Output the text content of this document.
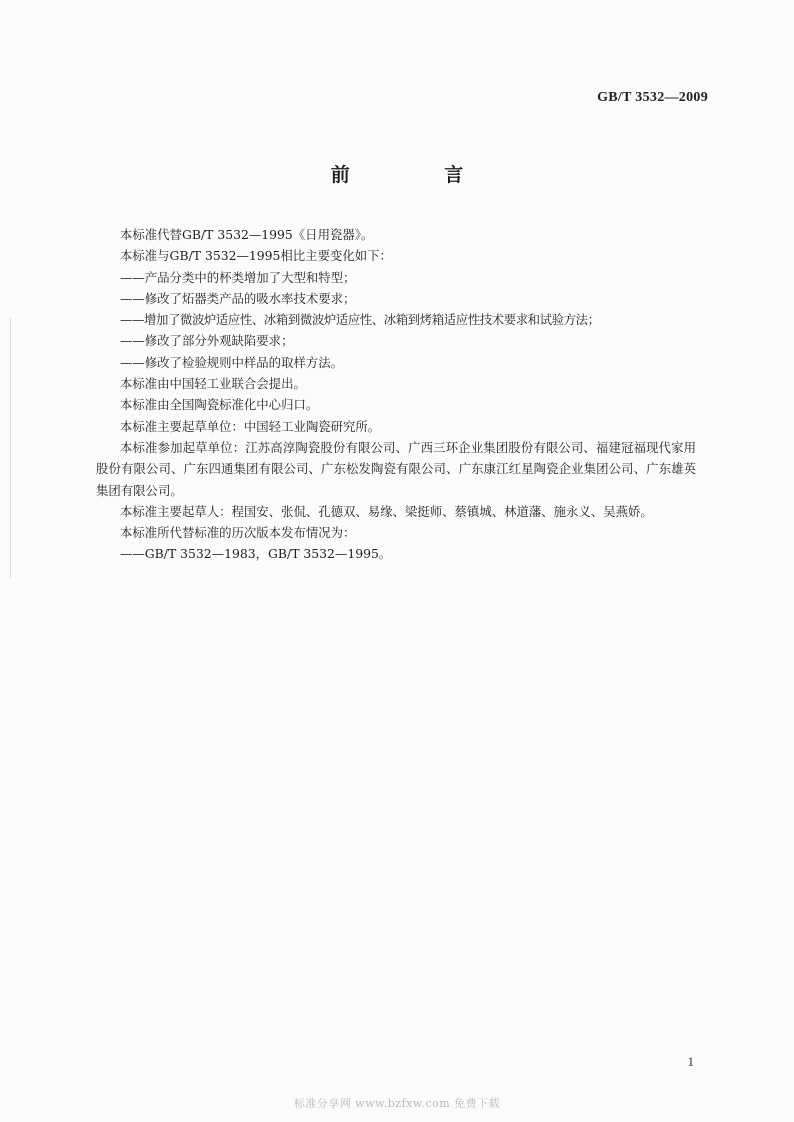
GB/T 3532—2009
前 言

本标准代替GB/T 3532—1995《日用瓷器》。

本标准与GB/T 3532—1995相比主要变化如下：

——产品分类中的杯类增加了大型和特型；

——修改了炻器类产品的吸水率技术要求；

——增加了微波炉适应性、冰箱到微波炉适应性、冰箱到烤箱适应性技术要求和试验方法；

——修改了部分外观缺陷要求；

——修改了检验规则中样品的取样方法。

本标准由中国轻工业联合会提出。

本标准由全国陶瓷标准化中心归口。

本标准主要起草单位：中国轻工业陶瓷研究所。

本标准参加起草单位：江苏高淳陶瓷股份有限公司、广西三环企业集团股份有限公司、福建冠福现代家用股份有限公司、广东四通集团有限公司、广东松发陶瓷有限公司、广东康江红星陶瓷企业集团公司、广东雄英集团有限公司。

本标准主要起草人：程国安、张侃、孔德双、易缘、梁挺师、蔡镇城、林道藩、施永义、吴燕娇。

本标准所代替标准的历次版本发布情况为：

——GB/T 3532—1983，GB/T 3532—1995。

1
标准分享网 www.bzfxw.com 免费下载
